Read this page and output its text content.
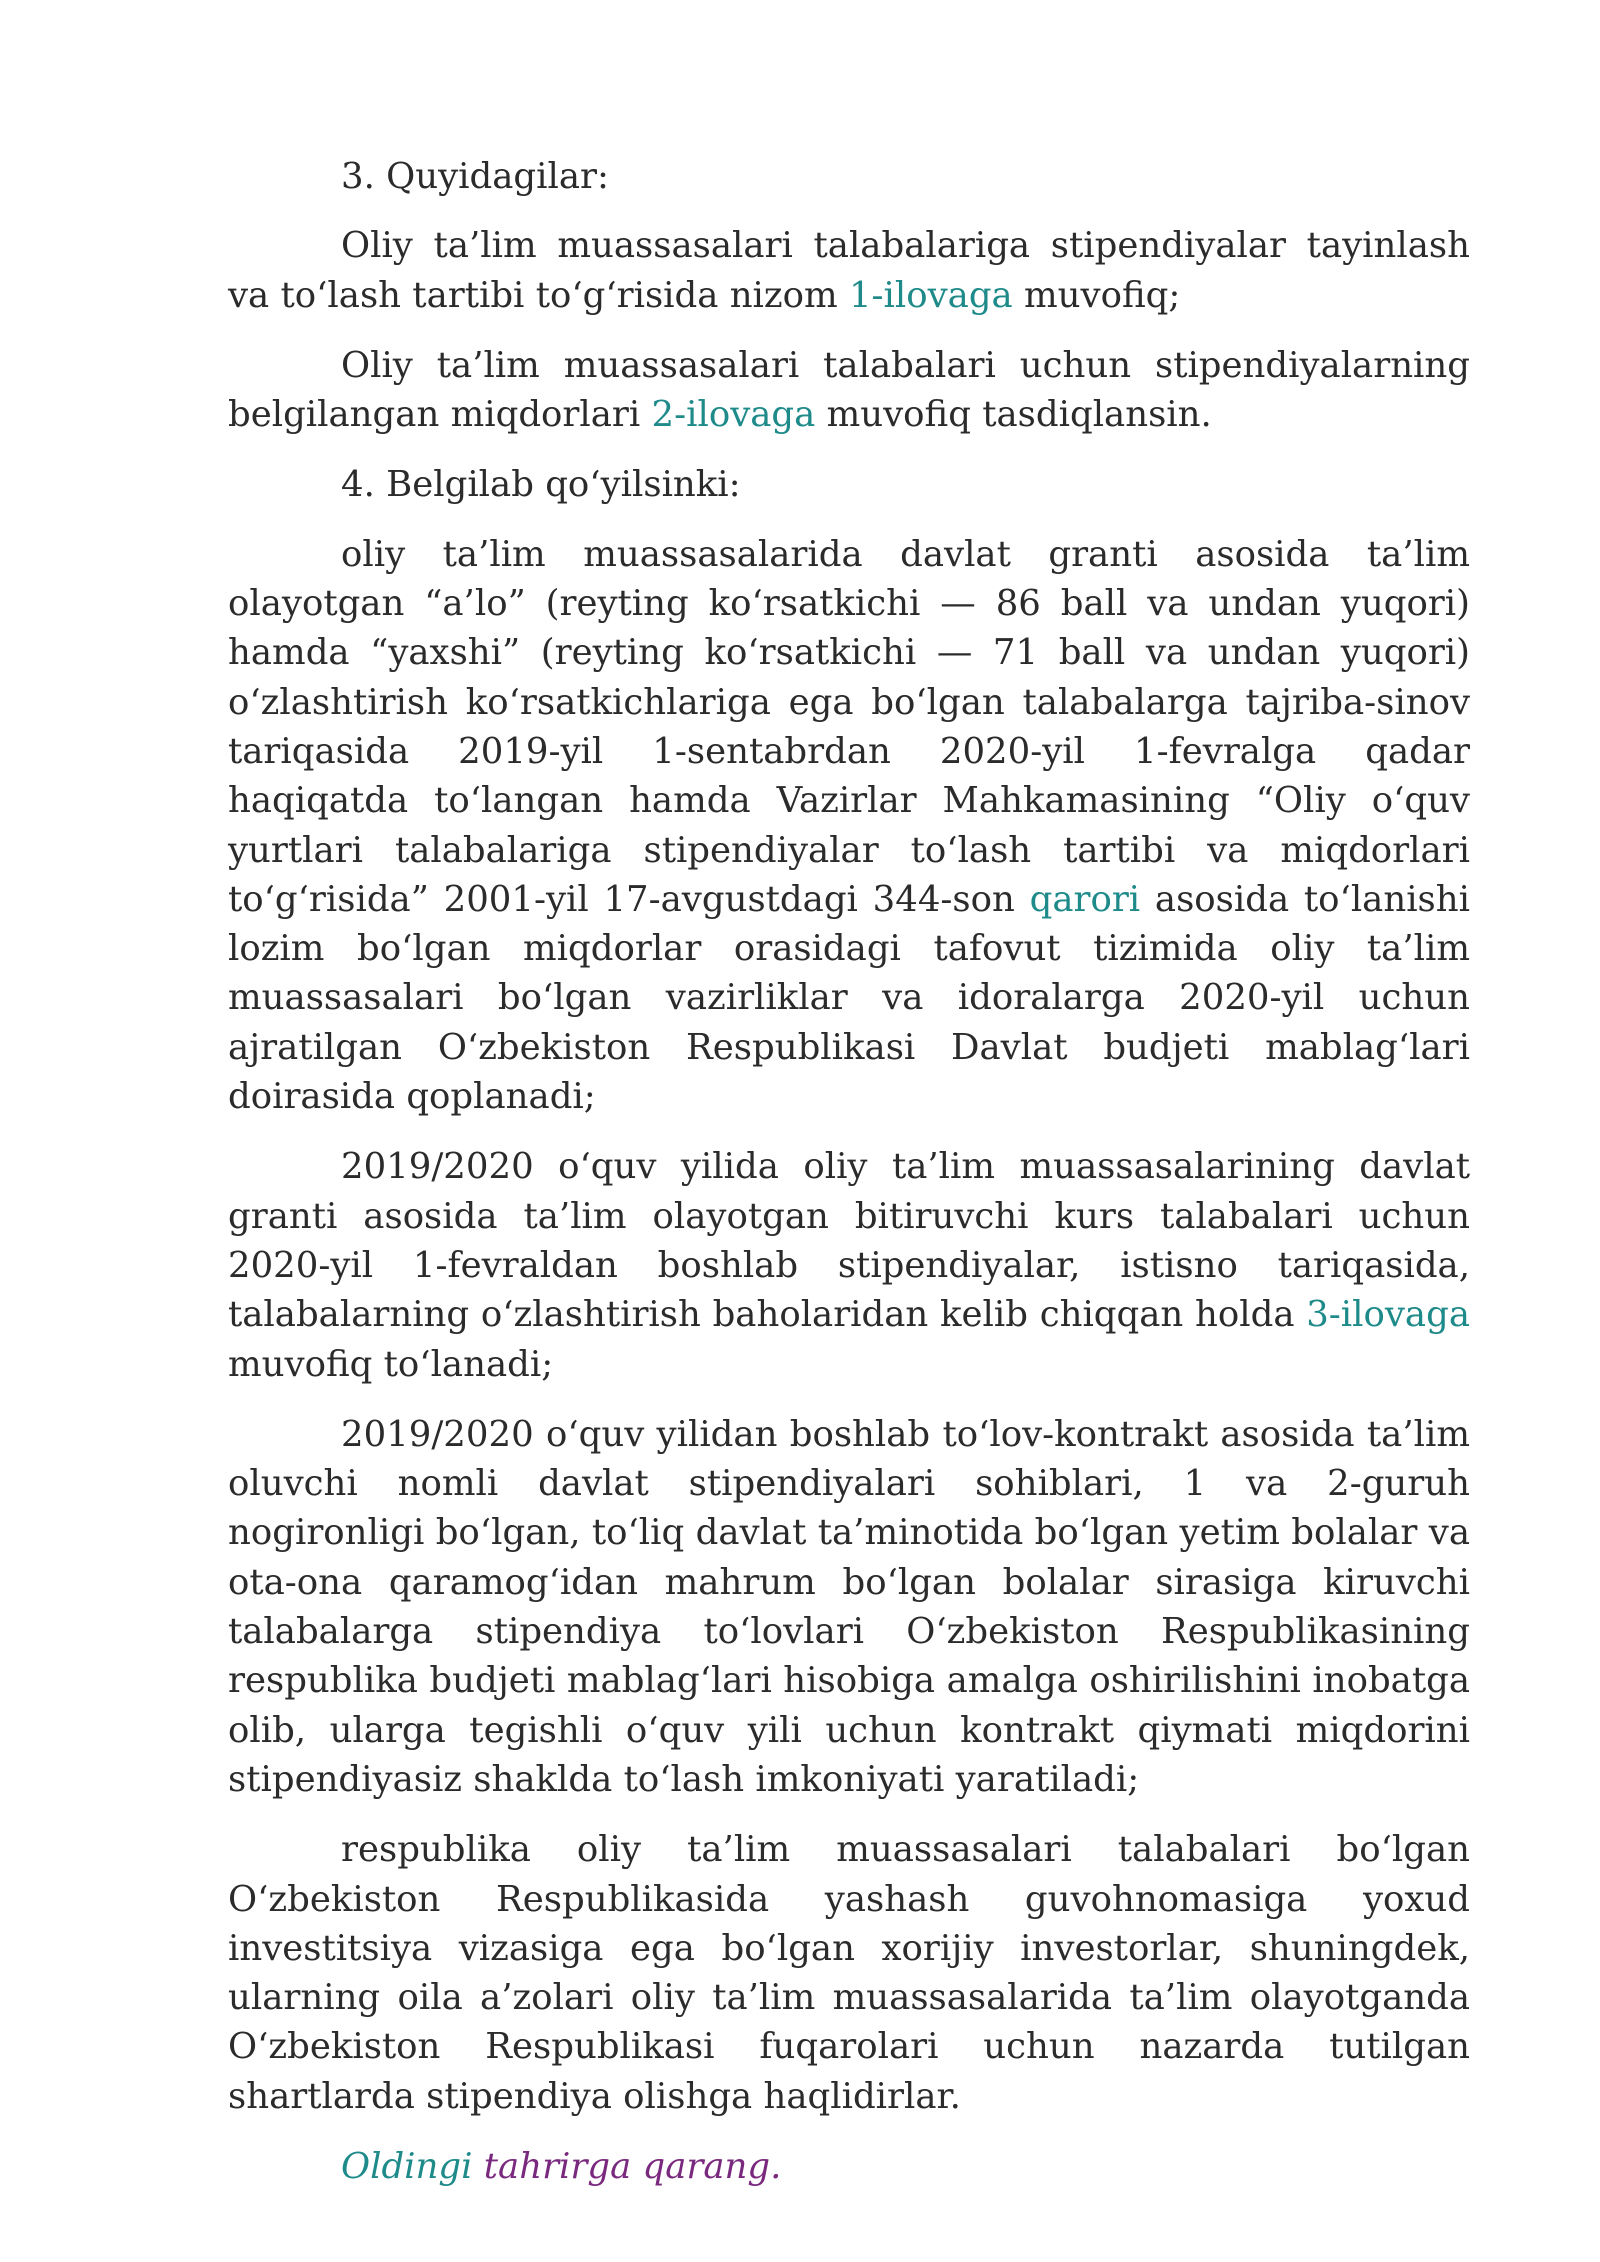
3. Quyidagilar:

Oliy ta’lim muassasalari talabalariga stipendiyalar tayinlash va to‘lash tartibi to‘g‘risida nizom 1-ilovaga muvofiq;

Oliy ta’lim muassasalari talabalari uchun stipendiyalarning belgilangan miqdorlari 2-ilovaga muvofiq tasdiqlansin.

4. Belgilab qo‘yilsinki:

oliy ta’lim muassasalarida davlat granti asosida ta’lim olayotgan “a’lo” (reyting ko‘rsatkichi — 86 ball va undan yuqori) hamda “yaxshi” (reyting ko‘rsatkichi — 71 ball va undan yuqori) o‘zlashtirish ko‘rsatkichlariga ega bo‘lgan talabalarga tajriba-sinov tariqasida 2019-yil 1-sentabrdan 2020-yil 1-fevralga qadar haqiqatda to‘langan hamda Vazirlar Mahkamasining “Oliy o‘quv yurtlari talabalariga stipendiyalar to‘lash tartibi va miqdorlari to‘g‘risida” 2001-yil 17-avgustdagi 344-son qarori asosida to‘lanishi lozim bo‘lgan miqdorlar orasidagi tafovut tizimida oliy ta’lim muassasalari bo‘lgan vazirliklar va idoralarga 2020-yil uchun ajratilgan O‘zbekiston Respublikasi Davlat budjeti mablag‘lari doirasida qoplanadi;

2019/2020 o‘quv yilida oliy ta’lim muassasalarining davlat granti asosida ta’lim olayotgan bitiruvchi kurs talabalari uchun 2020-yil 1-fevraldan boshlab stipendiyalar, istisno tariqasida, talabalarning o‘zlashtirish baholaridan kelib chiqqan holda 3-ilovaga muvofiq to‘lanadi;

2019/2020 o‘quv yilidan boshlab to‘lov-kontrakt asosida ta’lim oluvchi nomli davlat stipendiyalari sohiblari, 1 va 2-guruh nogironligi bo‘lgan, to‘liq davlat ta’minotida bo‘lgan yetim bolalar va ota-ona qaramog‘idan mahrum bo‘lgan bolalar sirasiga kiruvchi talabalarga stipendiya to‘lovlari O‘zbekiston Respublikasining respublika budjeti mablag‘lari hisobiga amalga oshirilishini inobatga olib, ularga tegishli o‘quv yili uchun kontrakt qiymati miqdorini stipendiyasiz shaklda to‘lash imkoniyati yaratiladi;

respublika oliy ta’lim muassasalari talabalari bo‘lgan O‘zbekiston Respublikasida yashash guvohnomasiga yoxud investitsiya vizasiga ega bo‘lgan xorijiy investorlar, shuningdek, ularning oila a’zolari oliy ta’lim muassasalarida ta’lim olayotganda O‘zbekiston Respublikasi fuqarolari uchun nazarda tutilgan shartlarda stipendiya olishga haqlidirlar.

Oldingi tahrirga qarang.
